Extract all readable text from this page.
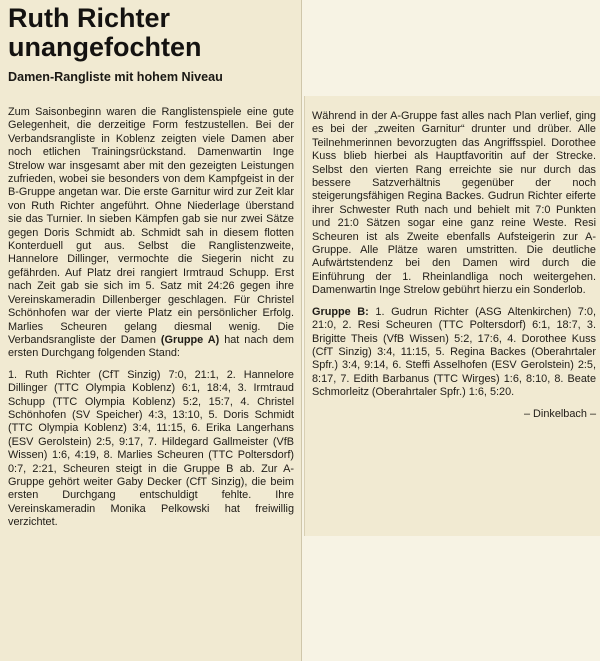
Ruth Richter
unangefochten
Damen-Rangliste mit hohem Niveau

Zum Saisonbeginn waren die Ranglistenspiele eine gute Gelegenheit, die derzeitige Form festzustellen. Bei der Verbandsrangliste in Koblenz zeigten viele Damen aber noch etlichen Trainingsrückstand. Damenwartin Inge Strelow war insgesamt aber mit den gezeigten Leistungen zufrieden, wobei sie besonders von dem Kampfgeist in der B-Gruppe angetan war. Die erste Garnitur wird zur Zeit klar von Ruth Richter angeführt. Ohne Niederlage überstand sie das Turnier. In sieben Kämpfen gab sie nur zwei Sätze gegen Doris Schmidt ab. Schmidt sah in diesem flotten Konterduell gut aus. Selbst die Ranglistenzweite, Hannelore Dillinger, vermochte die Siegerin nicht zu gefährden. Auf Platz drei rangiert Irmtraud Schupp. Erst nach Zeit gab sie sich im 5. Satz mit 24:26 gegen ihre Vereinskameradin Dillenberger geschlagen. Für Christel Schönhofen war der vierte Platz ein persönlicher Erfolg. Marlies Scheuren gelang diesmal wenig. Die Verbandsrangliste der Damen (Gruppe A) hat nach dem ersten Durchgang folgenden Stand:

1. Ruth Richter (CfT Sinzig) 7:0, 21:1, 2. Hannelore Dillinger (TTC Olympia Koblenz) 6:1, 18:4, 3. Irmtraud Schupp (TTC Olympia Koblenz) 5:2, 15:7, 4. Christel Schönhofen (SV Speicher) 4:3, 13:10, 5. Doris Schmidt (TTC Olympia Koblenz) 3:4, 11:15, 6. Erika Langerhans (ESV Gerolstein) 2:5, 9:17, 7. Hildegard Gallmeister (VfB Wissen) 1:6, 4:19, 8. Marlies Scheuren (TTC Poltersdorf) 0:7, 2:21, Scheuren steigt in die Gruppe B ab. Zur A-Gruppe gehört weiter Gaby Decker (CfT Sinzig), die beim ersten Durchgang entschuldigt fehlte. Ihre Vereinskameradin Monika Pelkowski hat freiwillig verzichtet.

Während in der A-Gruppe fast alles nach Plan verlief, ging es bei der „zweiten Garnitur“ drunter und drüber. Alle Teilnehmerinnen bevorzugten das Angriffsspiel. Dorothee Kuss blieb hierbei als Hauptfavoritin auf der Strecke. Selbst den vierten Rang erreichte sie nur durch das bessere Satzverhältnis gegenüber der noch steigerungsfähigen Regina Backes. Gudrun Richter eiferte ihrer Schwester Ruth nach und behielt mit 7:0 Punkten und 21:0 Sätzen sogar eine ganz reine Weste. Resi Scheuren ist als Zweite ebenfalls Aufsteigerin zur A-Gruppe. Alle Plätze waren umstritten. Die deutliche Aufwärtstendenz bei den Damen wird durch die Einführung der 1. Rheinlandliga noch weitergehen. Damenwartin Inge Strelow gebührt hierzu ein Sonderlob.

Gruppe B: 1. Gudrun Richter (ASG Altenkirchen) 7:0, 21:0, 2. Resi Scheuren (TTC Poltersdorf) 6:1, 18:7, 3. Brigitte Theis (VfB Wissen) 5:2, 17:6, 4. Dorothee Kuss (CfT Sinzig) 3:4, 11:15, 5. Regina Backes (Oberahrtaler Spfr.) 3:4, 9:14, 6. Steffi Asselhofen (ESV Gerolstein) 2:5, 8:17, 7. Edith Barbanus (TTC Wirges) 1:6, 8:10, 8. Beate Schmorleitz (Oberahrtaler Spfr.) 1:6, 5:20.

– Dinkelbach –
